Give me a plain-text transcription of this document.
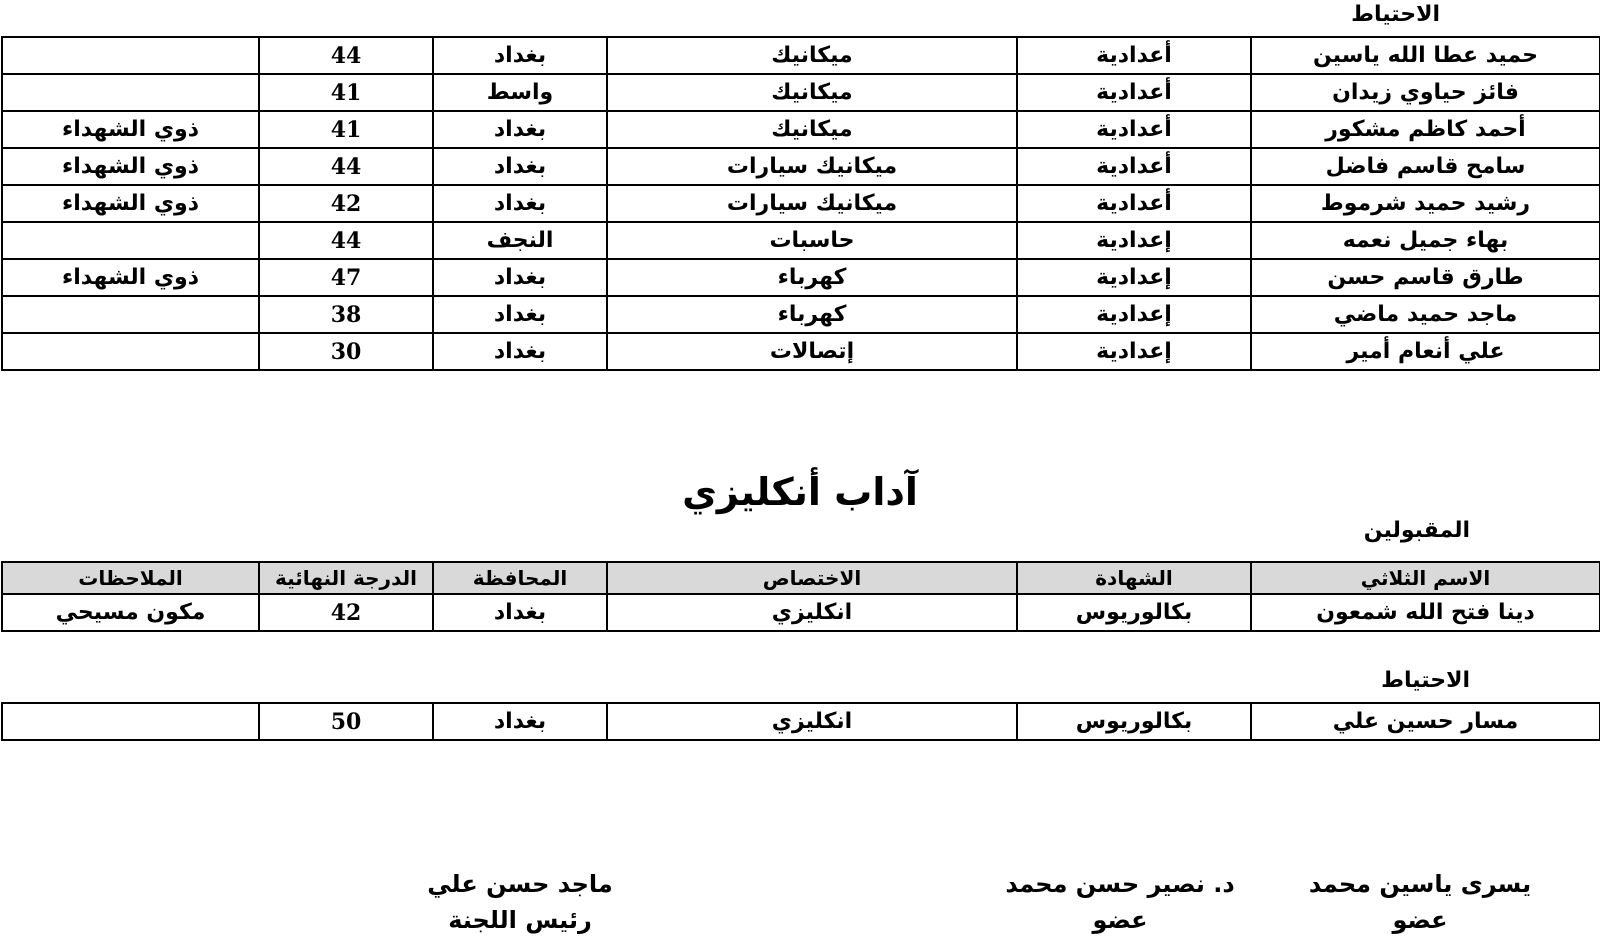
الاحتياط
حميد عطا الله ياسين	أعدادية	ميكانيك	بغداد	44	
فائز حياوي زيدان	أعدادية	ميكانيك	واسط	41	
أحمد كاظم مشكور	أعدادية	ميكانيك	بغداد	41	ذوي الشهداء
سامح قاسم فاضل	أعدادية	ميكانيك سيارات	بغداد	44	ذوي الشهداء
رشيد حميد شرموط	أعدادية	ميكانيك سيارات	بغداد	42	ذوي الشهداء
بهاء جميل نعمه	إعدادية	حاسبات	النجف	44	
طارق قاسم حسن	إعدادية	كهرباء	بغداد	47	ذوي الشهداء
ماجد حميد ماضي	إعدادية	كهرباء	بغداد	38	
علي أنعام أمير	إعدادية	إتصالات	بغداد	30	
آداب أنكليزي
المقبولين
الاسم الثلاثي	الشهادة	الاختصاص	المحافظة	الدرجة النهائية	الملاحظات
دينا فتح الله شمعون	بكالوريوس	انكليزي	بغداد	42	مكون مسيحي
الاحتياط
مسار حسين علي	بكالوريوس	انكليزي	بغداد	50	
يسرى ياسين محمد
عضو
د. نصير حسن محمد
عضو
ماجد حسن علي
رئيس اللجنة
